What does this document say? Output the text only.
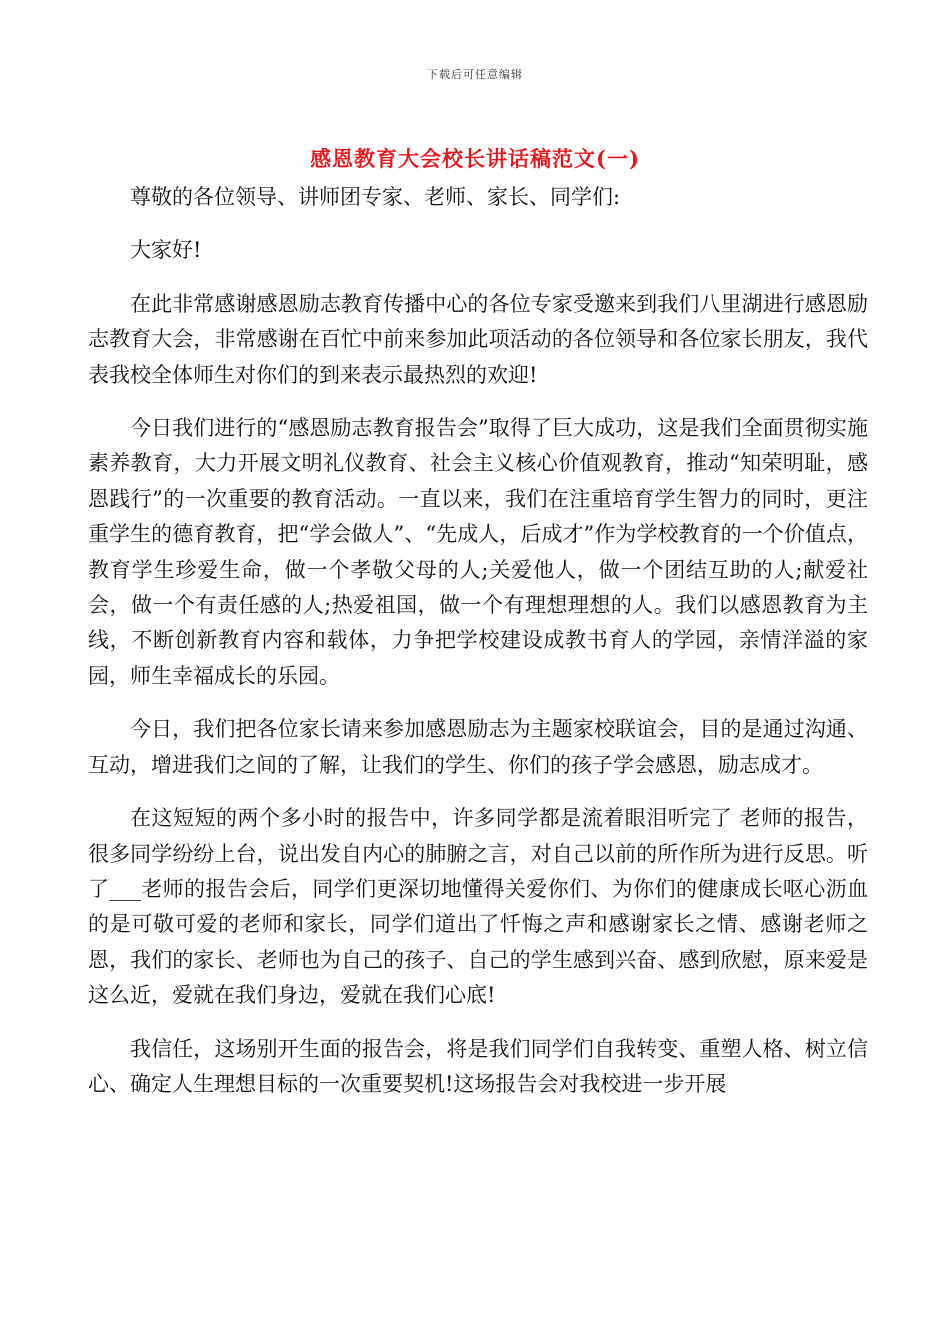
下载后可任意编辑
感恩教育大会校长讲话稿范文(一)

尊敬的各位领导、讲师团专家、老师、家长、同学们:

大家好!

在此非常感谢感恩励志教育传播中心的各位专家受邀来到我们八里湖进行感恩励志教育大会，非常感谢在百忙中前来参加此项活动的各位领导和各位家长朋友，我代表我校全体师生对你们的到来表示最热烈的欢迎!

今日我们进行的“感恩励志教育报告会”取得了巨大成功，这是我们全面贯彻实施素养教育，大力开展文明礼仪教育、社会主义核心价值观教育，推动“知荣明耻，感恩践行”的一次重要的教育活动。一直以来，我们在注重培育学生智力的同时，更注重学生的德育教育，把“学会做人”、“先成人，后成才”作为学校教育的一个价值点，教育学生珍爱生命，做一个孝敬父母的人;关爱他人，做一个团结互助的人;献爱社会，做一个有责任感的人;热爱祖国，做一个有理想理想的人。我们以感恩教育为主线，不断创新教育内容和载体，力争把学校建设成教书育人的学园，亲情洋溢的家园，师生幸福成长的乐园。

今日，我们把各位家长请来参加感恩励志为主题家校联谊会，目的是通过沟通、互动，增进我们之间的了解，让我们的学生、你们的孩子学会感恩，励志成才。

在这短短的两个多小时的报告中，许多同学都是流着眼泪听完了 老师的报告，很多同学纷纷上台，说出发自内心的肺腑之言，对自己以前的所作所为进行反思。听了___老师的报告会后，同学们更深切地懂得关爱你们、为你们的健康成长呕心沥血的是可敬可爱的老师和家长，同学们道出了忏悔之声和感谢家长之情、感谢老师之恩，我们的家长、老师也为自己的孩子、自己的学生感到兴奋、感到欣慰，原来爱是这么近，爱就在我们身边，爱就在我们心底!

我信任，这场别开生面的报告会，将是我们同学们自我转变、重塑人格、树立信心、确定人生理想目标的一次重要契机!这场报告会对我校进一步开展
